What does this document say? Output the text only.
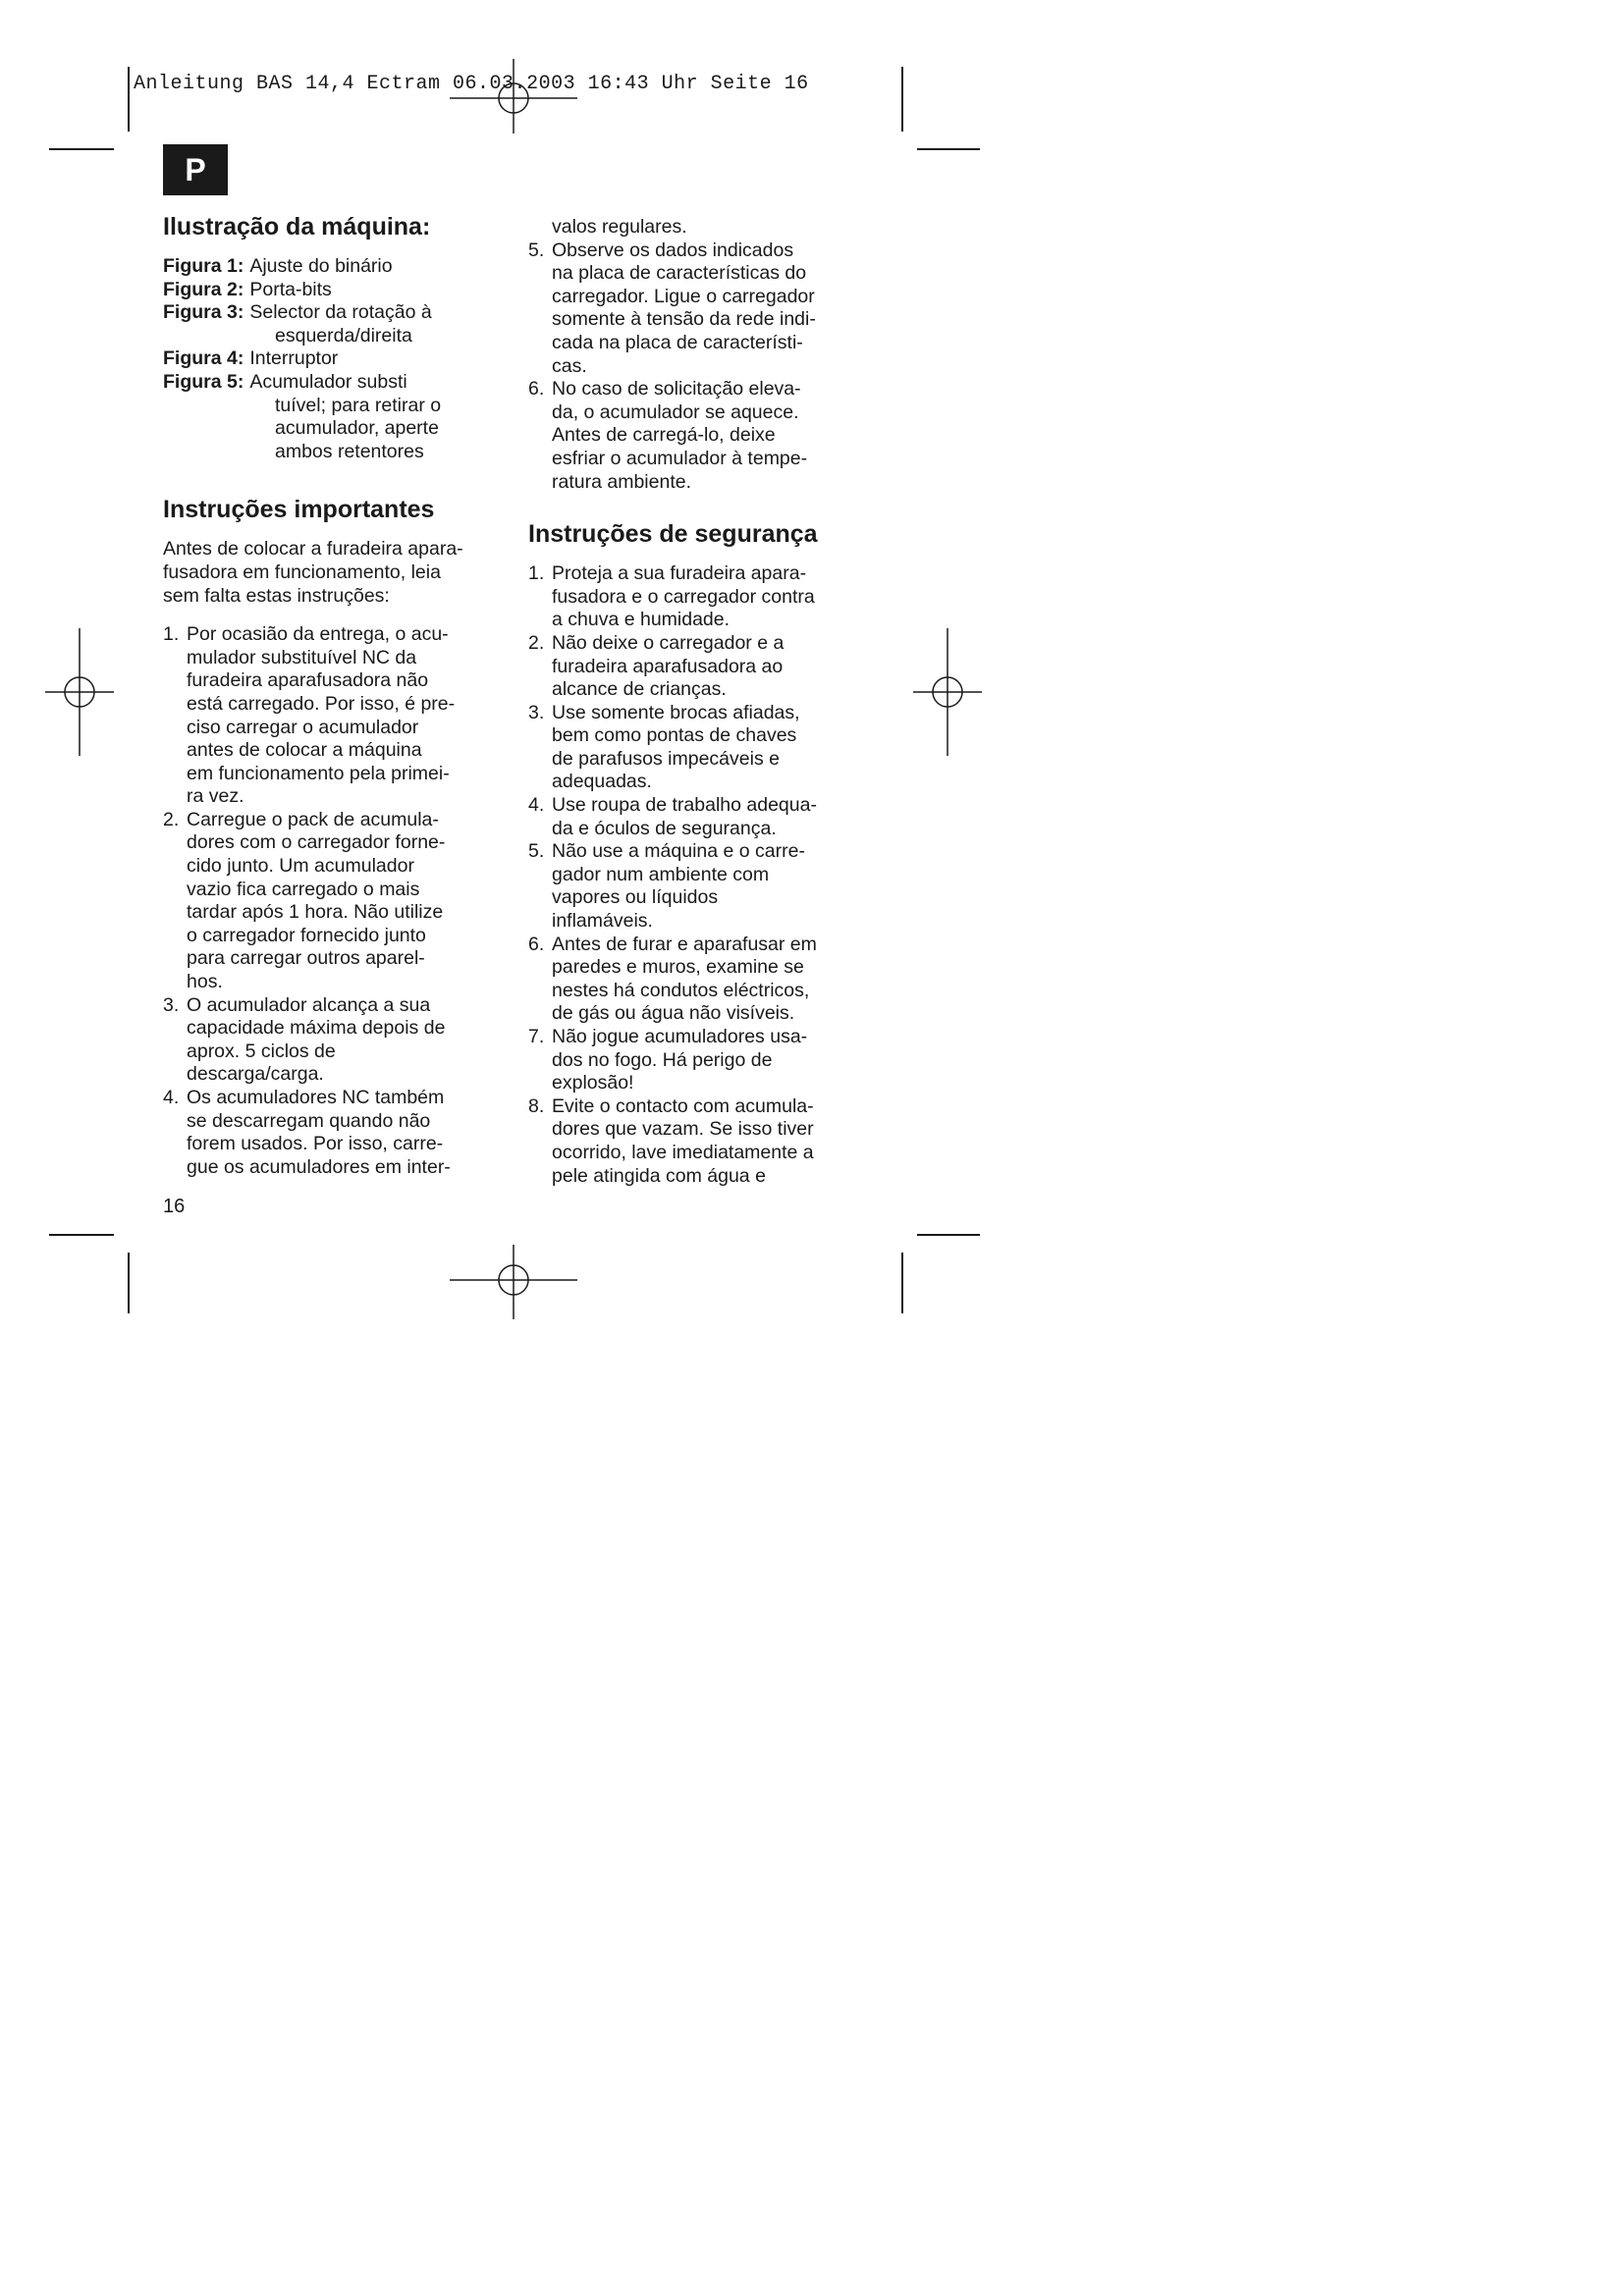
Anleitung BAS 14,4 Ectram 06.03.2003 16:43 Uhr Seite 16
P
Ilustração da máquina:
Figura 1: Ajuste do binário
Figura 2: Porta-bits
Figura 3: Selector da rotação à
esquerda/direita
Figura 4: Interruptor
Figura 5: Acumulador substi
tuível; para retirar o
acumulador, aperte
ambos retentores
Instruções importantes

Antes de colocar a furadeira apara-
fusadora em funcionamento, leia
sem falta estas instruções:

1. Por ocasião da entrega, o acu-
mulador substituível NC da
furadeira aparafusadora não
está carregado. Por isso, é pre-
ciso carregar o acumulador
antes de colocar a máquina
em funcionamento pela primei-
ra vez.
2. Carregue o pack de acumula-
dores com o carregador forne-
cido junto. Um acumulador
vazio fica carregado o mais
tardar após 1 hora. Não utilize
o carregador fornecido junto
para carregar outros aparel-
hos.
3. O acumulador alcança a sua
capacidade máxima depois de
aprox. 5 ciclos de
descarga/carga.
4. Os acumuladores NC também
se descarregam quando não
forem usados. Por isso, carre-
gue os acumuladores em inter-
valos regulares.
5. Observe os dados indicados
na placa de características do
carregador. Ligue o carregador
somente à tensão da rede indi-
cada na placa de característi-
cas.
6. No caso de solicitação eleva-
da, o acumulador se aquece.
Antes de carregá-lo, deixe
esfriar o acumulador à tempe-
ratura ambiente.
Instruções de segurança
1. Proteja a sua furadeira apara-
fusadora e o carregador contra
a chuva e humidade.
2. Não deixe o carregador e a
furadeira aparafusadora ao
alcance de crianças.
3. Use somente brocas afiadas,
bem como pontas de chaves
de parafusos impecáveis e
adequadas.
4. Use roupa de trabalho adequa-
da e óculos de segurança.
5. Não use a máquina e o carre-
gador num ambiente com
vapores ou líquidos
inflamáveis.
6. Antes de furar e aparafusar em
paredes e muros, examine se
nestes há condutos eléctricos,
de gás ou água não visíveis.
7. Não jogue acumuladores usa-
dos no fogo. Há perigo de
explosão!
8. Evite o contacto com acumula-
dores que vazam. Se isso tiver
ocorrido, lave imediatamente a
pele atingida com água e
16
